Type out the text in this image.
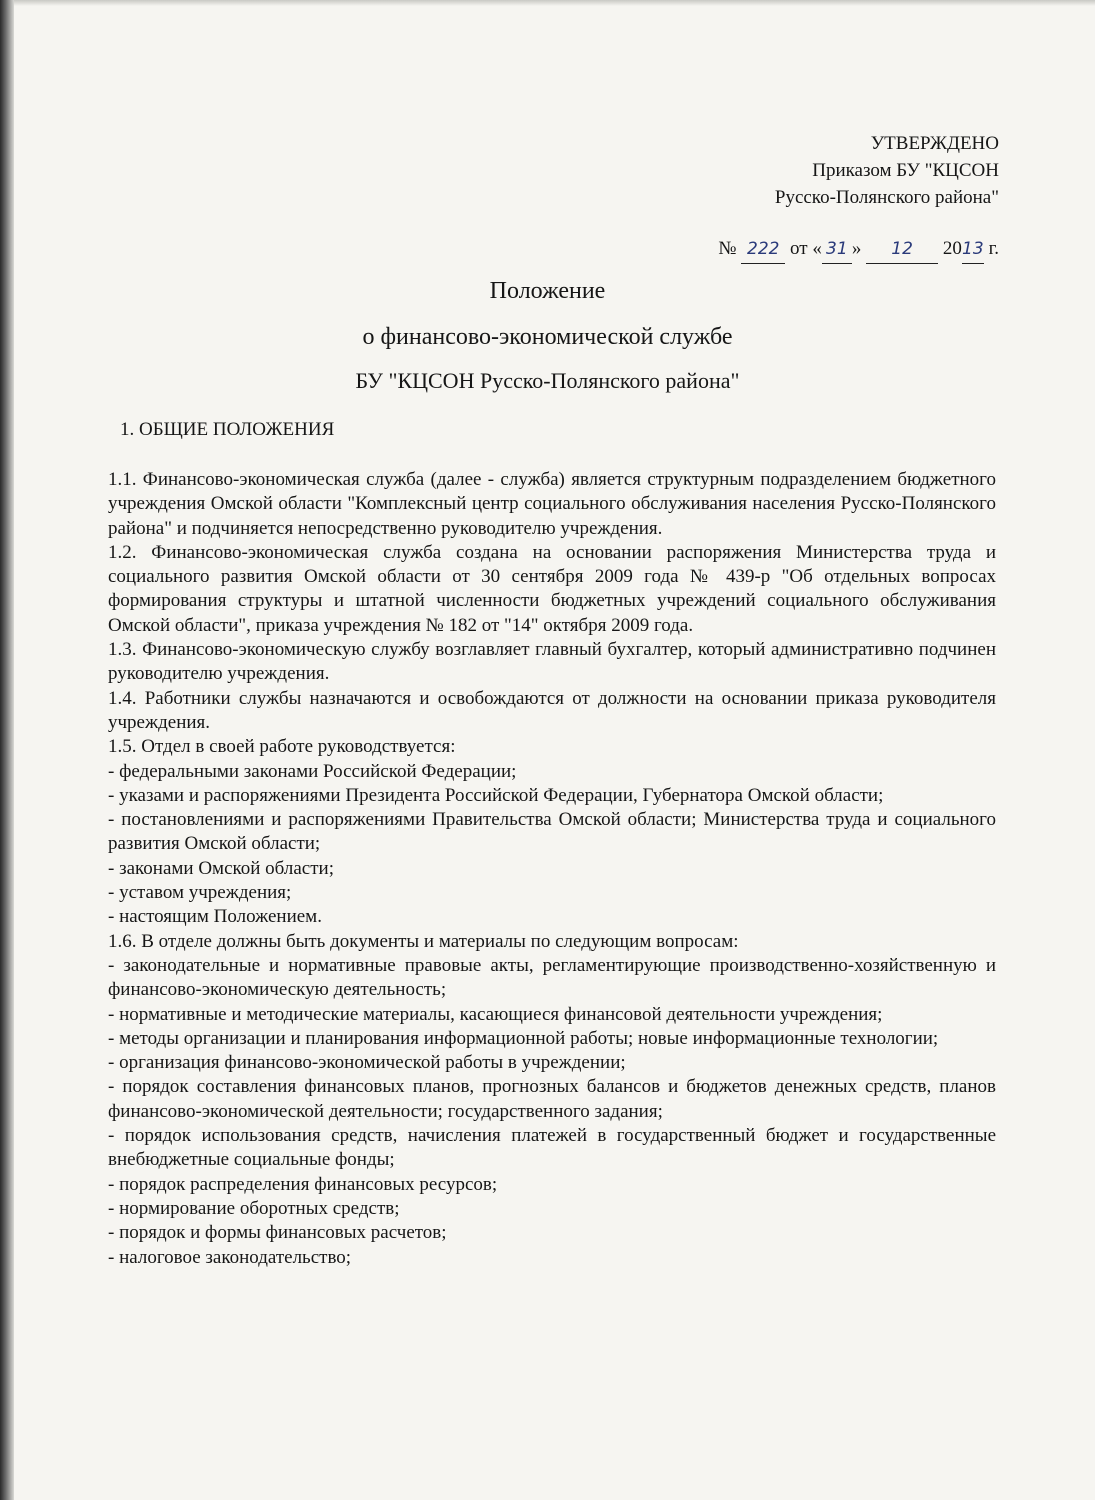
УТВЕРЖДЕНО
Приказом БУ "КЦСОН
Русско-Полянского района"
№ 222 от « 31 » 12 2013 г.
Положение
о финансово-экономической службе
БУ "КЦСОН Русско-Полянского района"
1. ОБЩИЕ ПОЛОЖЕНИЯ

1.1. Финансово-экономическая служба (далее - служба) является структурным подразделением бюджетного учреждения Омской области "Комплексный центр социального обслуживания населения Русско-Полянского района" и подчиняется непосредственно руководителю учреждения.

1.2. Финансово-экономическая служба создана на основании распоряжения Министерства труда и социального развития Омской области от 30 сентября 2009 года № 439-р "Об отдельных вопросах формирования структуры и штатной численности бюджетных учреждений социального обслуживания Омской области", приказа учреждения № 182 от "14" октября 2009 года.

1.3. Финансово-экономическую службу возглавляет главный бухгалтер, который административно подчинен руководителю учреждения.

1.4. Работники службы назначаются и освобождаются от должности на основании приказа руководителя учреждения.

1.5. Отдел в своей работе руководствуется:

- федеральными законами Российской Федерации;

- указами и распоряжениями Президента Российской Федерации, Губернатора Омской области;

- постановлениями и распоряжениями Правительства Омской области; Министерства труда и социального развития Омской области;

- законами Омской области;

- уставом учреждения;

- настоящим Положением.

1.6. В отделе должны быть документы и материалы по следующим вопросам:

- законодательные и нормативные правовые акты, регламентирующие производственно-хозяйственную и финансово-экономическую деятельность;

- нормативные и методические материалы, касающиеся финансовой деятельности учреждения;

- методы организации и планирования информационной работы; новые информационные технологии;

- организация финансово-экономической работы в учреждении;

- порядок составления финансовых планов, прогнозных балансов и бюджетов денежных средств, планов финансово-экономической деятельности; государственного задания;

- порядок использования средств, начисления платежей в государственный бюджет и государственные внебюджетные социальные фонды;

- порядок распределения финансовых ресурсов;

- нормирование оборотных средств;

- порядок и формы финансовых расчетов;

- налоговое законодательство;
